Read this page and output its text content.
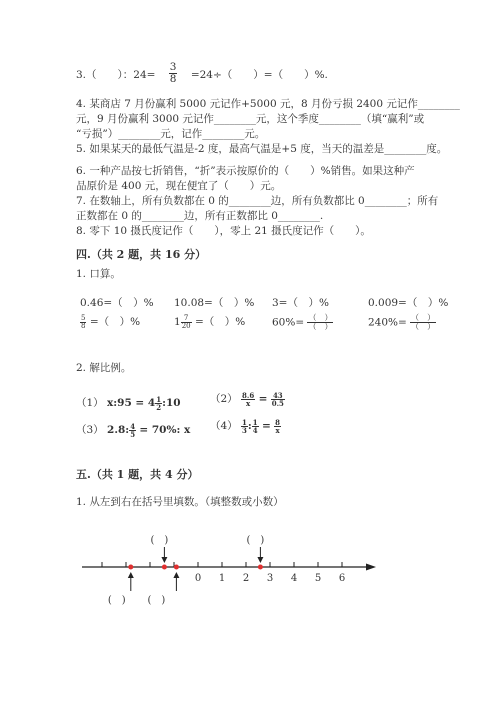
3.（　　）：$24= \frac{3}{8} =24\div$（　　）=（　　）%.
4. 某商店 7 月份赢利 5000 元记作+5000 元，8 月份亏损 2400 元记作________
元，9 月份赢利 3000 元记作________元，这个季度________（填“赢利”或
“亏损”）________元，记作________元。
5. 如果某天的最低气温是-2 度，最高气温是+5 度，当天的温差是________度。
6. 一种产品按七折销售，“折”表示按原价的（　　）%销售。如果这种产
品原价是 400 元，现在便宜了（　　）元。
7. 在数轴上，所有负数都在 0 的________边，所有负数都比 0________；所有
正数都在 0 的________边，所有正数都比 0________.
8. 零下 10 摄氏度记作（　　），零上 21 摄氏度记作（　　）。
四.（共 2 题，共 16 分）
1. 口算。
0.46=（　）% 10.08=（　）% 3=（　）%	0.009=（　）%
$\frac{5}{8}$ =（　）%	$1 \frac{7}{20}$ =（　）%	$60\%= \frac{( )}{( )}$	$240\%= \frac{( )}{( )}$
2. 解比例。
（1） x:95 = $4 \frac{1}{2}$ :10	$(2) \frac{8.6}{x} = \frac{43}{0.5}$
（3） 2.8: $\frac{4}{5} = 70\%$: x $(4) \frac{1}{3}$ : $\frac{1}{4} = \frac{8}{x}$
五.（共 1 题，共 4 分）
1. 从左到右在括号里填数。（填整数或小数）
0 1 2 3 4 5 6
(　)	(　)
(　) (　)
